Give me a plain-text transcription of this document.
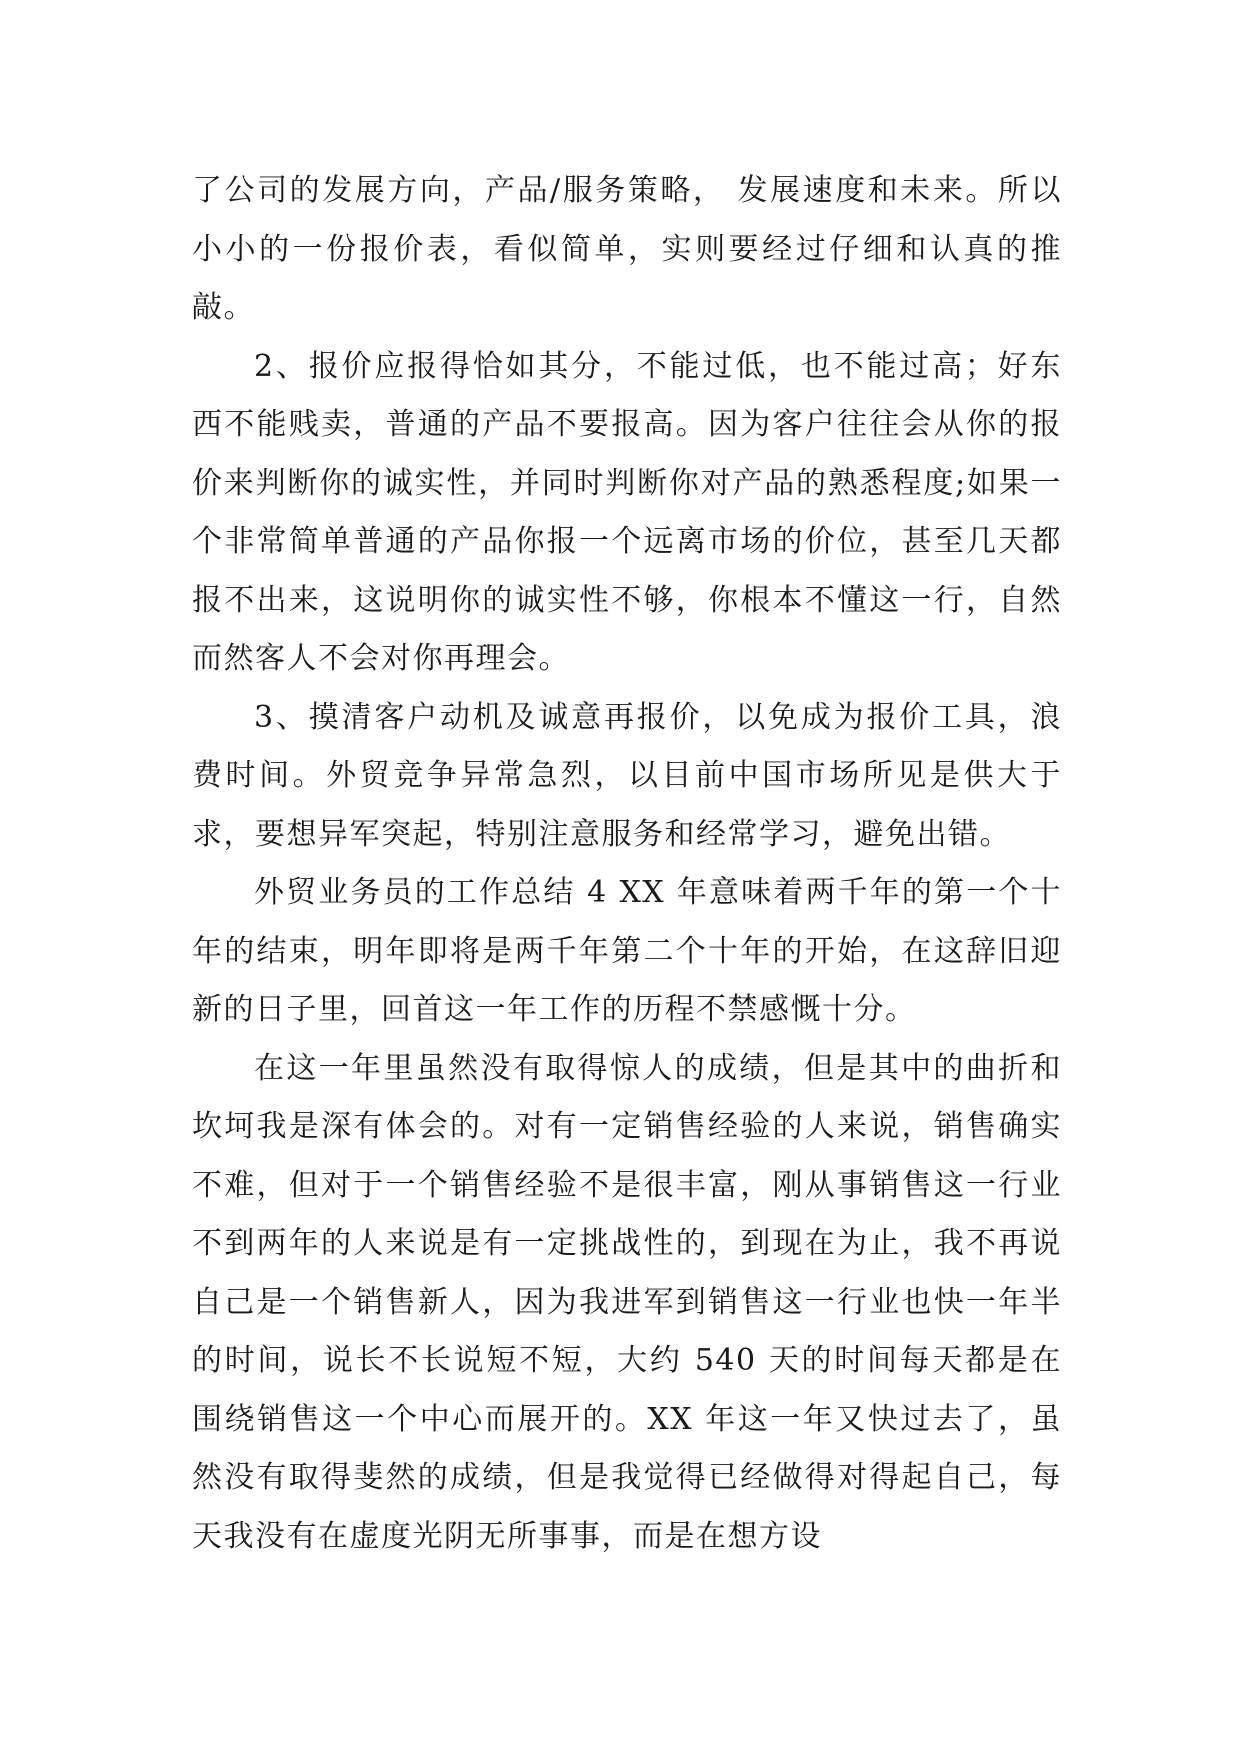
了公司的发展方向，产品/服务策略， 发展速度和未来。所以小小的一份报价表，看似简单，实则要经过仔细和认真的推敲。

2、报价应报得恰如其分，不能过低，也不能过高；好东西不能贱卖，普通的产品不要报高。因为客户往往会从你的报价来判断你的诚实性，并同时判断你对产品的熟悉程度;如果一个非常简单普通的产品你报一个远离市场的价位，甚至几天都报不出来，这说明你的诚实性不够，你根本不懂这一行，自然而然客人不会对你再理会。

3、摸清客户动机及诚意再报价，以免成为报价工具，浪费时间。外贸竞争异常急烈，以目前中国市场所见是供大于求，要想异军突起，特别注意服务和经常学习，避免出错。

外贸业务员的工作总结 4 XX 年意味着两千年的第一个十年的结束，明年即将是两千年第二个十年的开始，在这辞旧迎新的日子里，回首这一年工作的历程不禁感慨十分。

在这一年里虽然没有取得惊人的成绩，但是其中的曲折和坎坷我是深有体会的。对有一定销售经验的人来说，销售确实不难，但对于一个销售经验不是很丰富，刚从事销售这一行业不到两年的人来说是有一定挑战性的，到现在为止，我不再说自己是一个销售新人，因为我进军到销售这一行业也快一年半的时间，说长不长说短不短，大约 540 天的时间每天都是在围绕销售这一个中心而展开的。XX 年这一年又快过去了，虽然没有取得斐然的成绩，但是我觉得已经做得对得起自己，每天我没有在虚度光阴无所事事，而是在想方设
